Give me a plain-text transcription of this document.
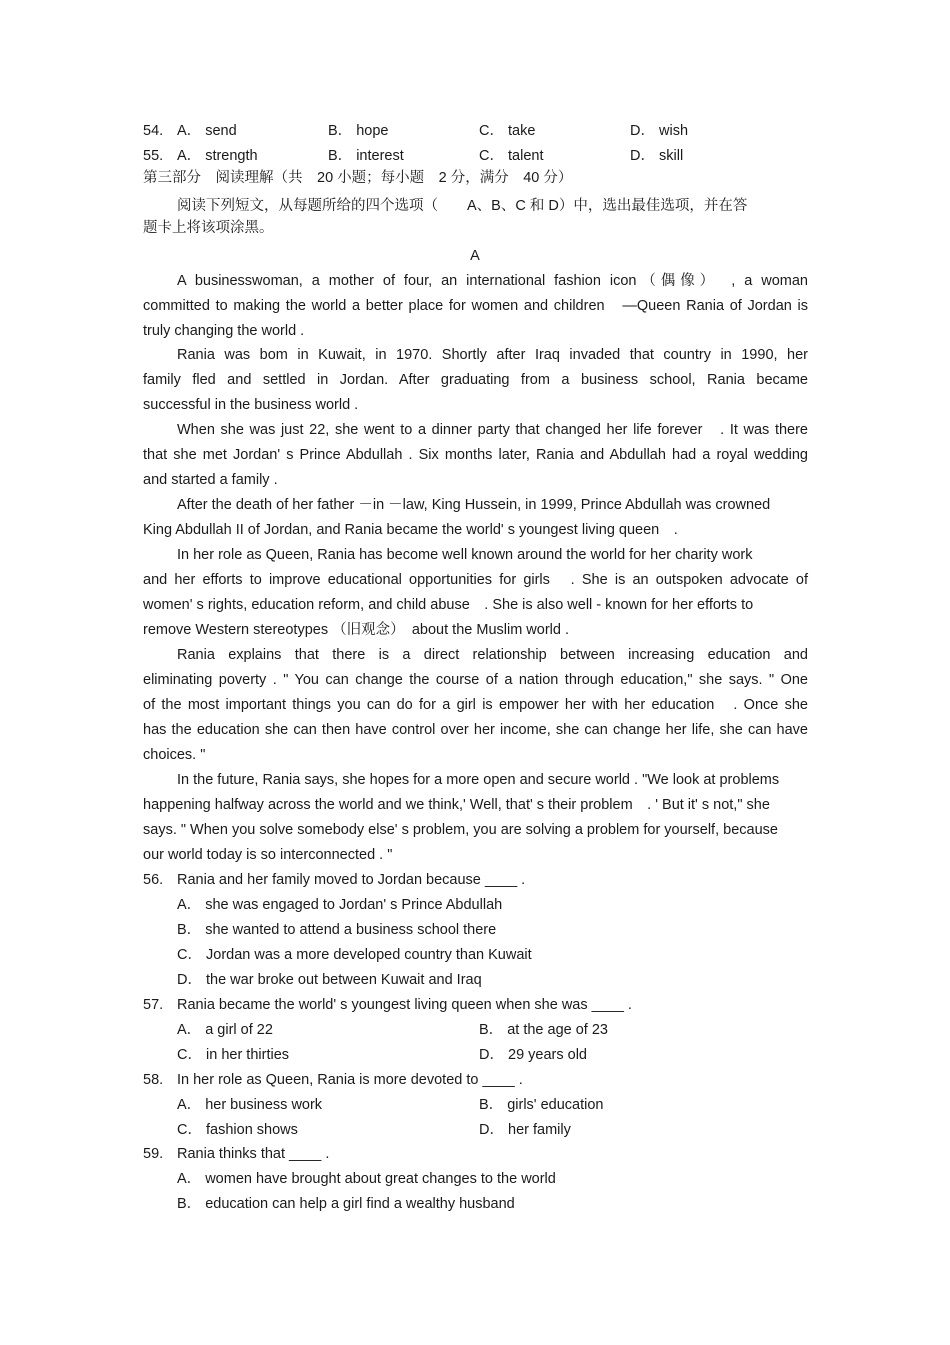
54. A． send	B． hope	C． take	D． wish
55. A． strength	B． interest	C． talent	D． skill
第三部分　阅读理解（共　20 小题；每小题　2 分，满分　40 分）
阅读下列短文，从每题所给的四个选项（　　A、B、C 和 D）中，选出最佳选项，并在答
题卡上将该项涂黑。
A
A businesswoman, a mother of four, an international fashion icon（偶像）　, a woman
committed to making the world a better place for women and children　—Queen Rania of Jordan is
truly changing the world .
Rania was bom in Kuwait, in 1970. Shortly after Iraq invaded that country in 1990, her
family fled and settled in Jordan. After graduating from a business school, Rania became
successful in the business world .
When she was just 22, she went to a dinner party that changed her life forever　. It was there
that she met Jordan' s Prince Abdullah . Six months later, Rania and Abdullah had a royal wedding
and started a family .
After the death of her father －in －law, King Hussein, in 1999, Prince Abdullah was crowned
King Abdullah II of Jordan, and Rania became the world' s youngest living queen　.
In her role as Queen, Rania has become well known around the world for her charity work
and her efforts to improve educational opportunities for girls　. She is an outspoken advocate of
women' s rights, education reform, and child abuse　. She is also well - known for her efforts to
remove Western stereotypes （旧观念）　about the Muslim world .
Rania explains that there is a direct relationship between increasing education and
eliminating poverty . " You can change the course of a nation through education," she says. " One
of the most important things you can do for a girl is empower her with her education　. Once she
has the education she can then have control over her income, she can change her life, she can have
choices. "
In the future, Rania says, she hopes for a more open and secure world . "We look at problems
happening halfway across the world and we think,' Well, that' s their problem　. ' But it' s not," she
says. " When you solve somebody else' s problem, you are solving a problem for yourself, because
our world today is so interconnected . "
56. Rania and her family moved to Jordan because ____ .
A． she was engaged to Jordan' s Prince Abdullah
B． she wanted to attend a business school there
C． Jordan was a more developed country than Kuwait
D． the war broke out between Kuwait and Iraq
57. Rania became the world' s youngest living queen when she was ____ .
A． a girl of 22	B． at the age of 23
C． in her thirties	D． 29 years old
58. In her role as Queen, Rania is more devoted to ____ .
A． her business work	B． girls' education
C． fashion shows	D． her family
59. Rania thinks that ____ .
A． women have brought about great changes to the world
B． education can help a girl find a wealthy husband
